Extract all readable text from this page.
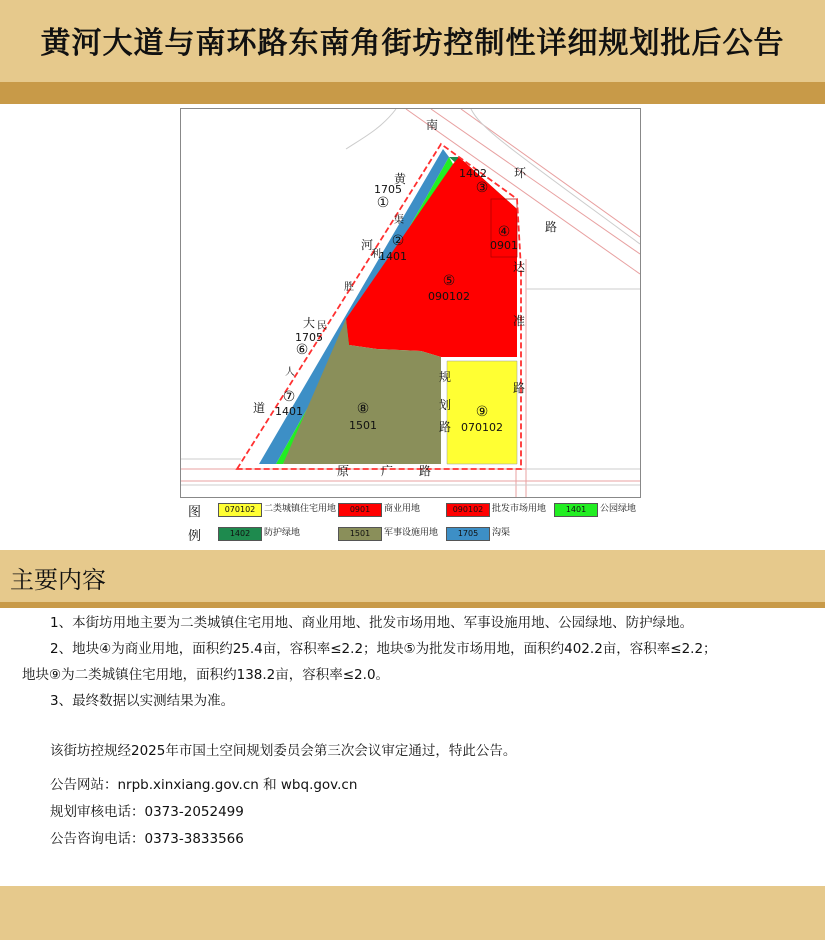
黄河大道与南环路东南角街坊控制性详细规划批后公告
南
环
路
达
准
路
规
划
路
原	广 路
黄
河
渠
利
胜
民
人
大
道
①
1705
②
1401
③
1402
④
0901
⑤
090102
⑥
1705
⑦
1401	⑧
1501
⑨
070102
图
例
070102 二类城镇住宅用地	0901	商业用地	090102 批发市场用地	1401	公园绿地
1402	防护绿地	1501	军事设施用地	1705	沟渠
主要内容
1、本街坊用地主要为二类城镇住宅用地、商业用地、批发市场用地、军事设施用地、公园绿地、防护绿地。
2、地块④为商业用地，面积约25.4亩，容积率≤2.2；地块⑤为批发市场用地，面积约402.2亩，容积率≤2.2；
地块⑨为二类城镇住宅用地，面积约138.2亩，容积率≤2.0。
3、最终数据以实测结果为准。
该街坊控规经2025年市国土空间规划委员会第三次会议审定通过，特此公告。
公告网站：nrpb.xinxiang.gov.cn 和 wbq.gov.cn
规划审核电话：0373-2052499
公告咨询电话：0373-3833566
